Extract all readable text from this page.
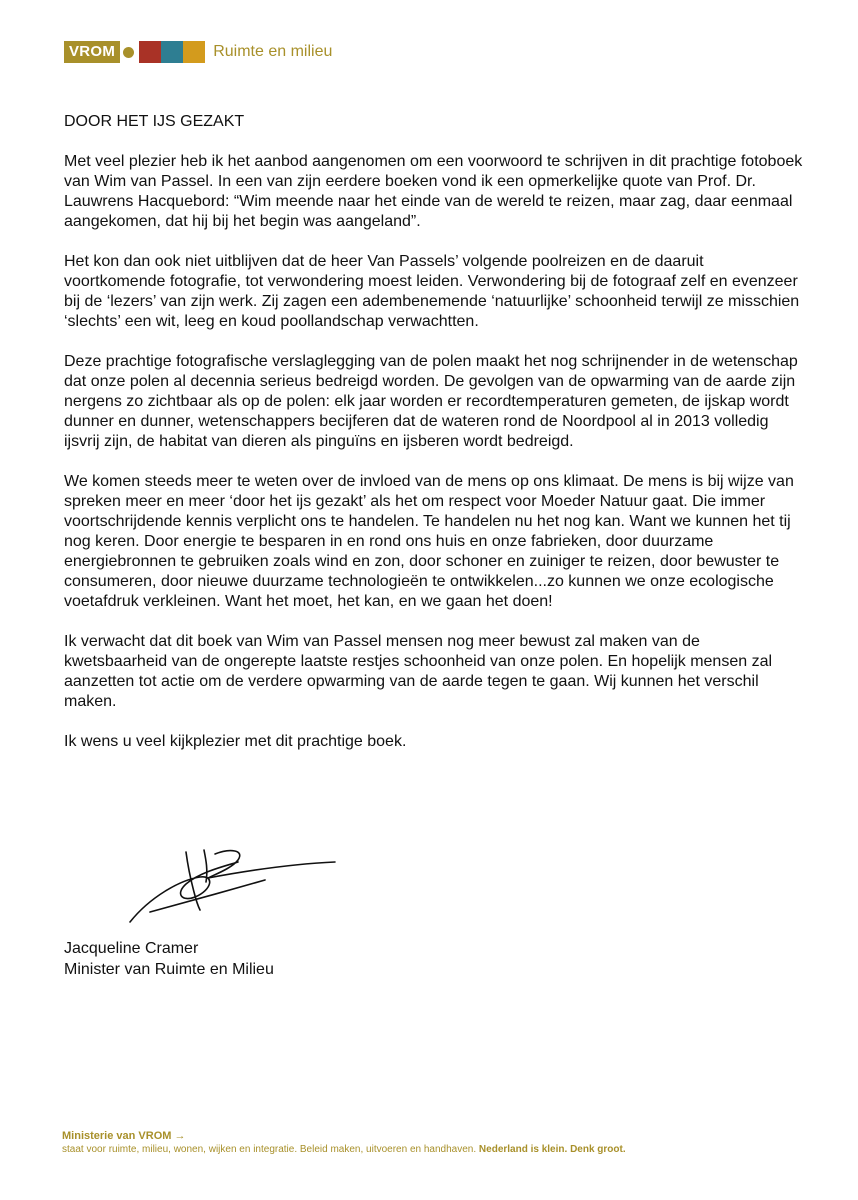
VROM	Ruimte en milieu
DOOR HET IJS GEZAKT

Met veel plezier heb ik het aanbod aangenomen om een voorwoord te schrijven in dit prachtige fotoboek van Wim van Passel. In een van zijn eerdere boeken vond ik een opmerkelijke quote van Prof. Dr. Lauwrens Hacquebord: “Wim meende naar het einde van de wereld te reizen, maar zag, daar eenmaal aangekomen, dat hij bij het begin was aangeland”.

Het kon dan ook niet uitblijven dat de heer Van Passels’ volgende poolreizen en de daaruit voortkomende fotografie, tot verwondering moest leiden. Verwondering bij de fotograaf zelf en evenzeer bij de ‘lezers’ van zijn werk. Zij zagen een adembenemende ‘natuurlijke’ schoonheid terwijl ze misschien ‘slechts’ een wit, leeg en koud poollandschap verwachtten.

Deze prachtige fotografische verslaglegging van de polen maakt het nog schrijnender in de wetenschap dat onze polen al decennia serieus bedreigd worden. De gevolgen van de opwarming van de aarde zijn nergens zo zichtbaar als op de polen: elk jaar worden er recordtemperaturen gemeten, de ijskap wordt dunner en dunner, wetenschappers becijferen dat de wateren rond de Noordpool al in 2013 volledig ijsvrij zijn, de habitat van dieren als pinguïns en ijsberen wordt bedreigd.

We komen steeds meer te weten over de invloed van de mens op ons klimaat. De mens is bij wijze van spreken meer en meer ‘door het ijs gezakt’ als het om respect voor Moeder Natuur gaat. Die immer voortschrijdende kennis verplicht ons te handelen. Te handelen nu het nog kan. Want we kunnen het tij nog keren. Door energie te besparen in en rond ons huis en onze fabrieken, door duurzame energiebronnen te gebruiken zoals wind en zon, door schoner en zuiniger te reizen, door bewuster te consumeren, door nieuwe duurzame technologieën te ontwikkelen...zo kunnen we onze ecologische voetafdruk verkleinen. Want het moet, het kan, en we gaan het doen!

Ik verwacht dat dit boek van Wim van Passel mensen nog meer bewust zal maken van de kwetsbaarheid van de ongerepte laatste restjes schoonheid van onze polen. En hopelijk mensen zal aanzetten tot actie om de verdere opwarming van de aarde tegen te gaan. Wij kunnen het verschil maken.

Ik wens u veel kijkplezier met dit prachtige boek.

Jacqueline Cramer
Minister van Ruimte en Milieu
Ministerie van VROM →
staat voor ruimte, milieu, wonen, wijken en integratie. Beleid maken, uitvoeren en handhaven. Nederland is klein. Denk groot.
